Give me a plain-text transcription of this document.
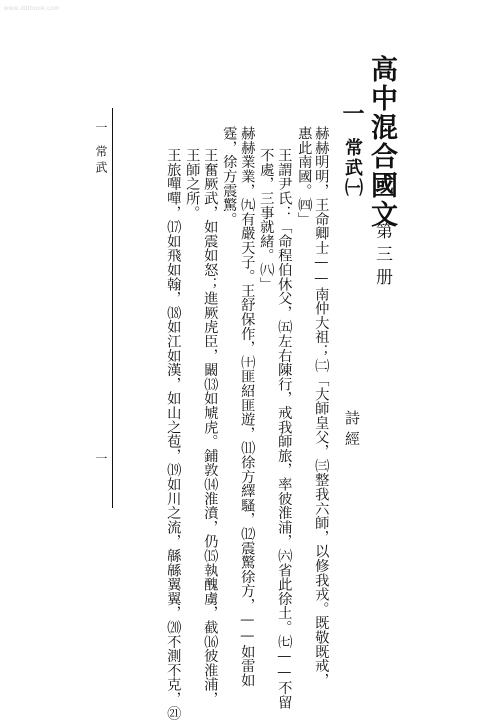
www.ddlbook.com
高中混合國文
第三册
一
常武㈠
詩經
赫赫明明，王命卿士——南仲大祖；㈡「大師皇父，㈢整我六師，以修我戎。既敬既戒，
惠此南國。㈣」
王謂尹氏：「命程伯休父，㈤左右陳行，戒我師旅，率彼淮浦，㈥省此徐土。㈦——不留
不處，三事就緒。㈧」
赫赫業業，㈨有嚴天子。王舒保作，㈩匪紹匪遊，⑾徐方繹騷，⑿震驚徐方，——如雷如
霆，徐方震驚。
王奮厥武，如震如怒；進厥虎臣，闞⒀如虓虎。鋪敦⒁淮濆，仍⒂執醜虜，截⒃彼淮浦，
王師之所。
王旅嘽嘽，⒄如飛如翰，⒅如江如漢，如山之苞，⒆如川之流，緜緜翼翼，⒇不測不克，㉑
一
常武
一
